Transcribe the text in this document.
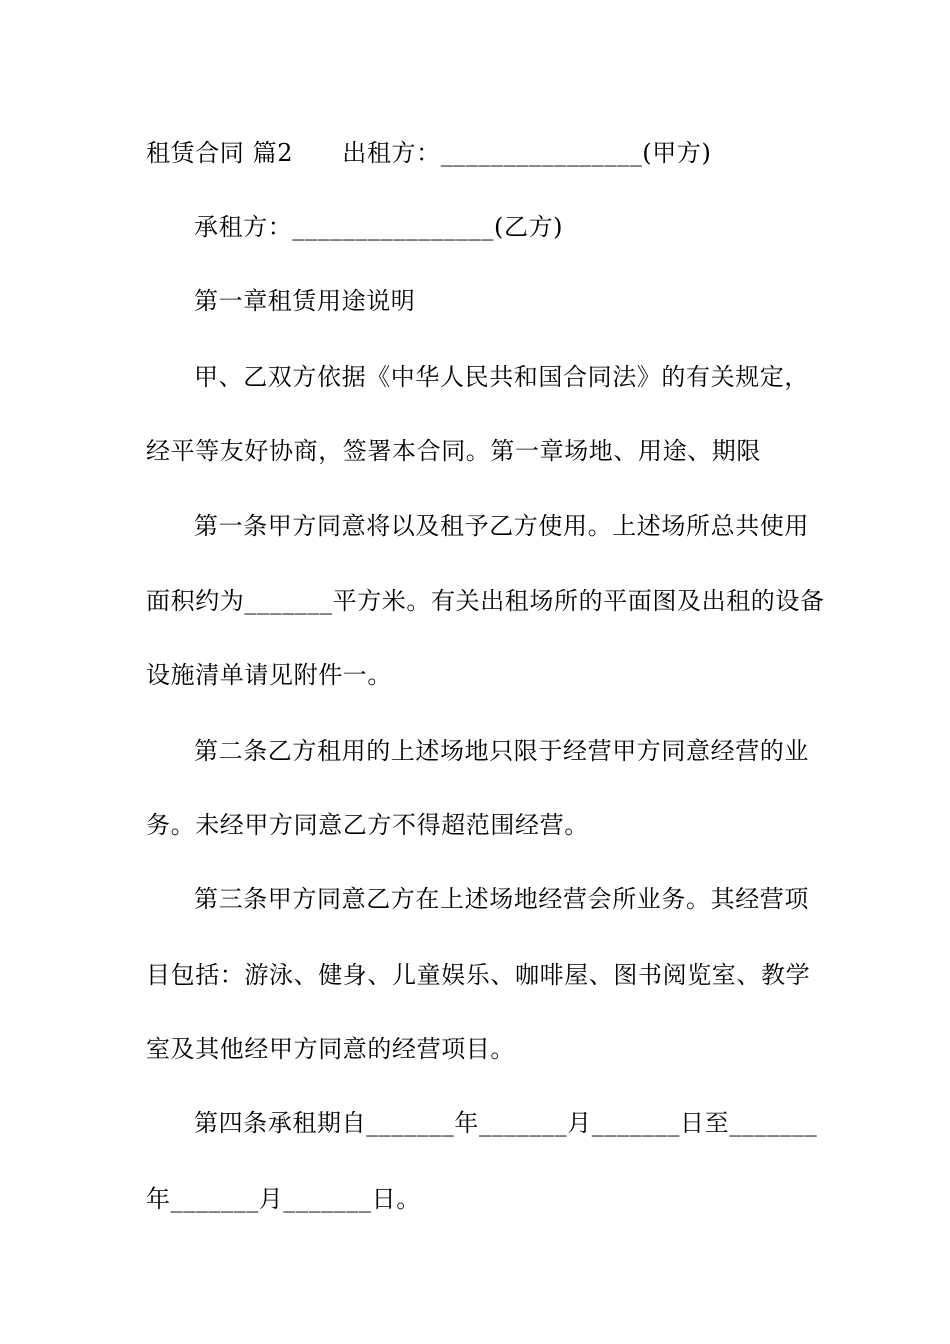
租赁合同 篇2　　出租方：________________(甲方)
承租方：________________(乙方)
第一章租赁用途说明
甲、乙双方依据《中华人民共和国合同法》的有关规定，
经平等友好协商，签署本合同。第一章场地、用途、期限
第一条甲方同意将以及租予乙方使用。上述场所总共使用
面积约为_______平方米。有关出租场所的平面图及出租的设备
设施清单请见附件一。
第二条乙方租用的上述场地只限于经营甲方同意经营的业
务。未经甲方同意乙方不得超范围经营。
第三条甲方同意乙方在上述场地经营会所业务。其经营项
目包括：游泳、健身、儿童娱乐、咖啡屋、图书阅览室、教学
室及其他经甲方同意的经营项目。
第四条承租期自_______年_______月_______日至_______
年_______月_______日。
